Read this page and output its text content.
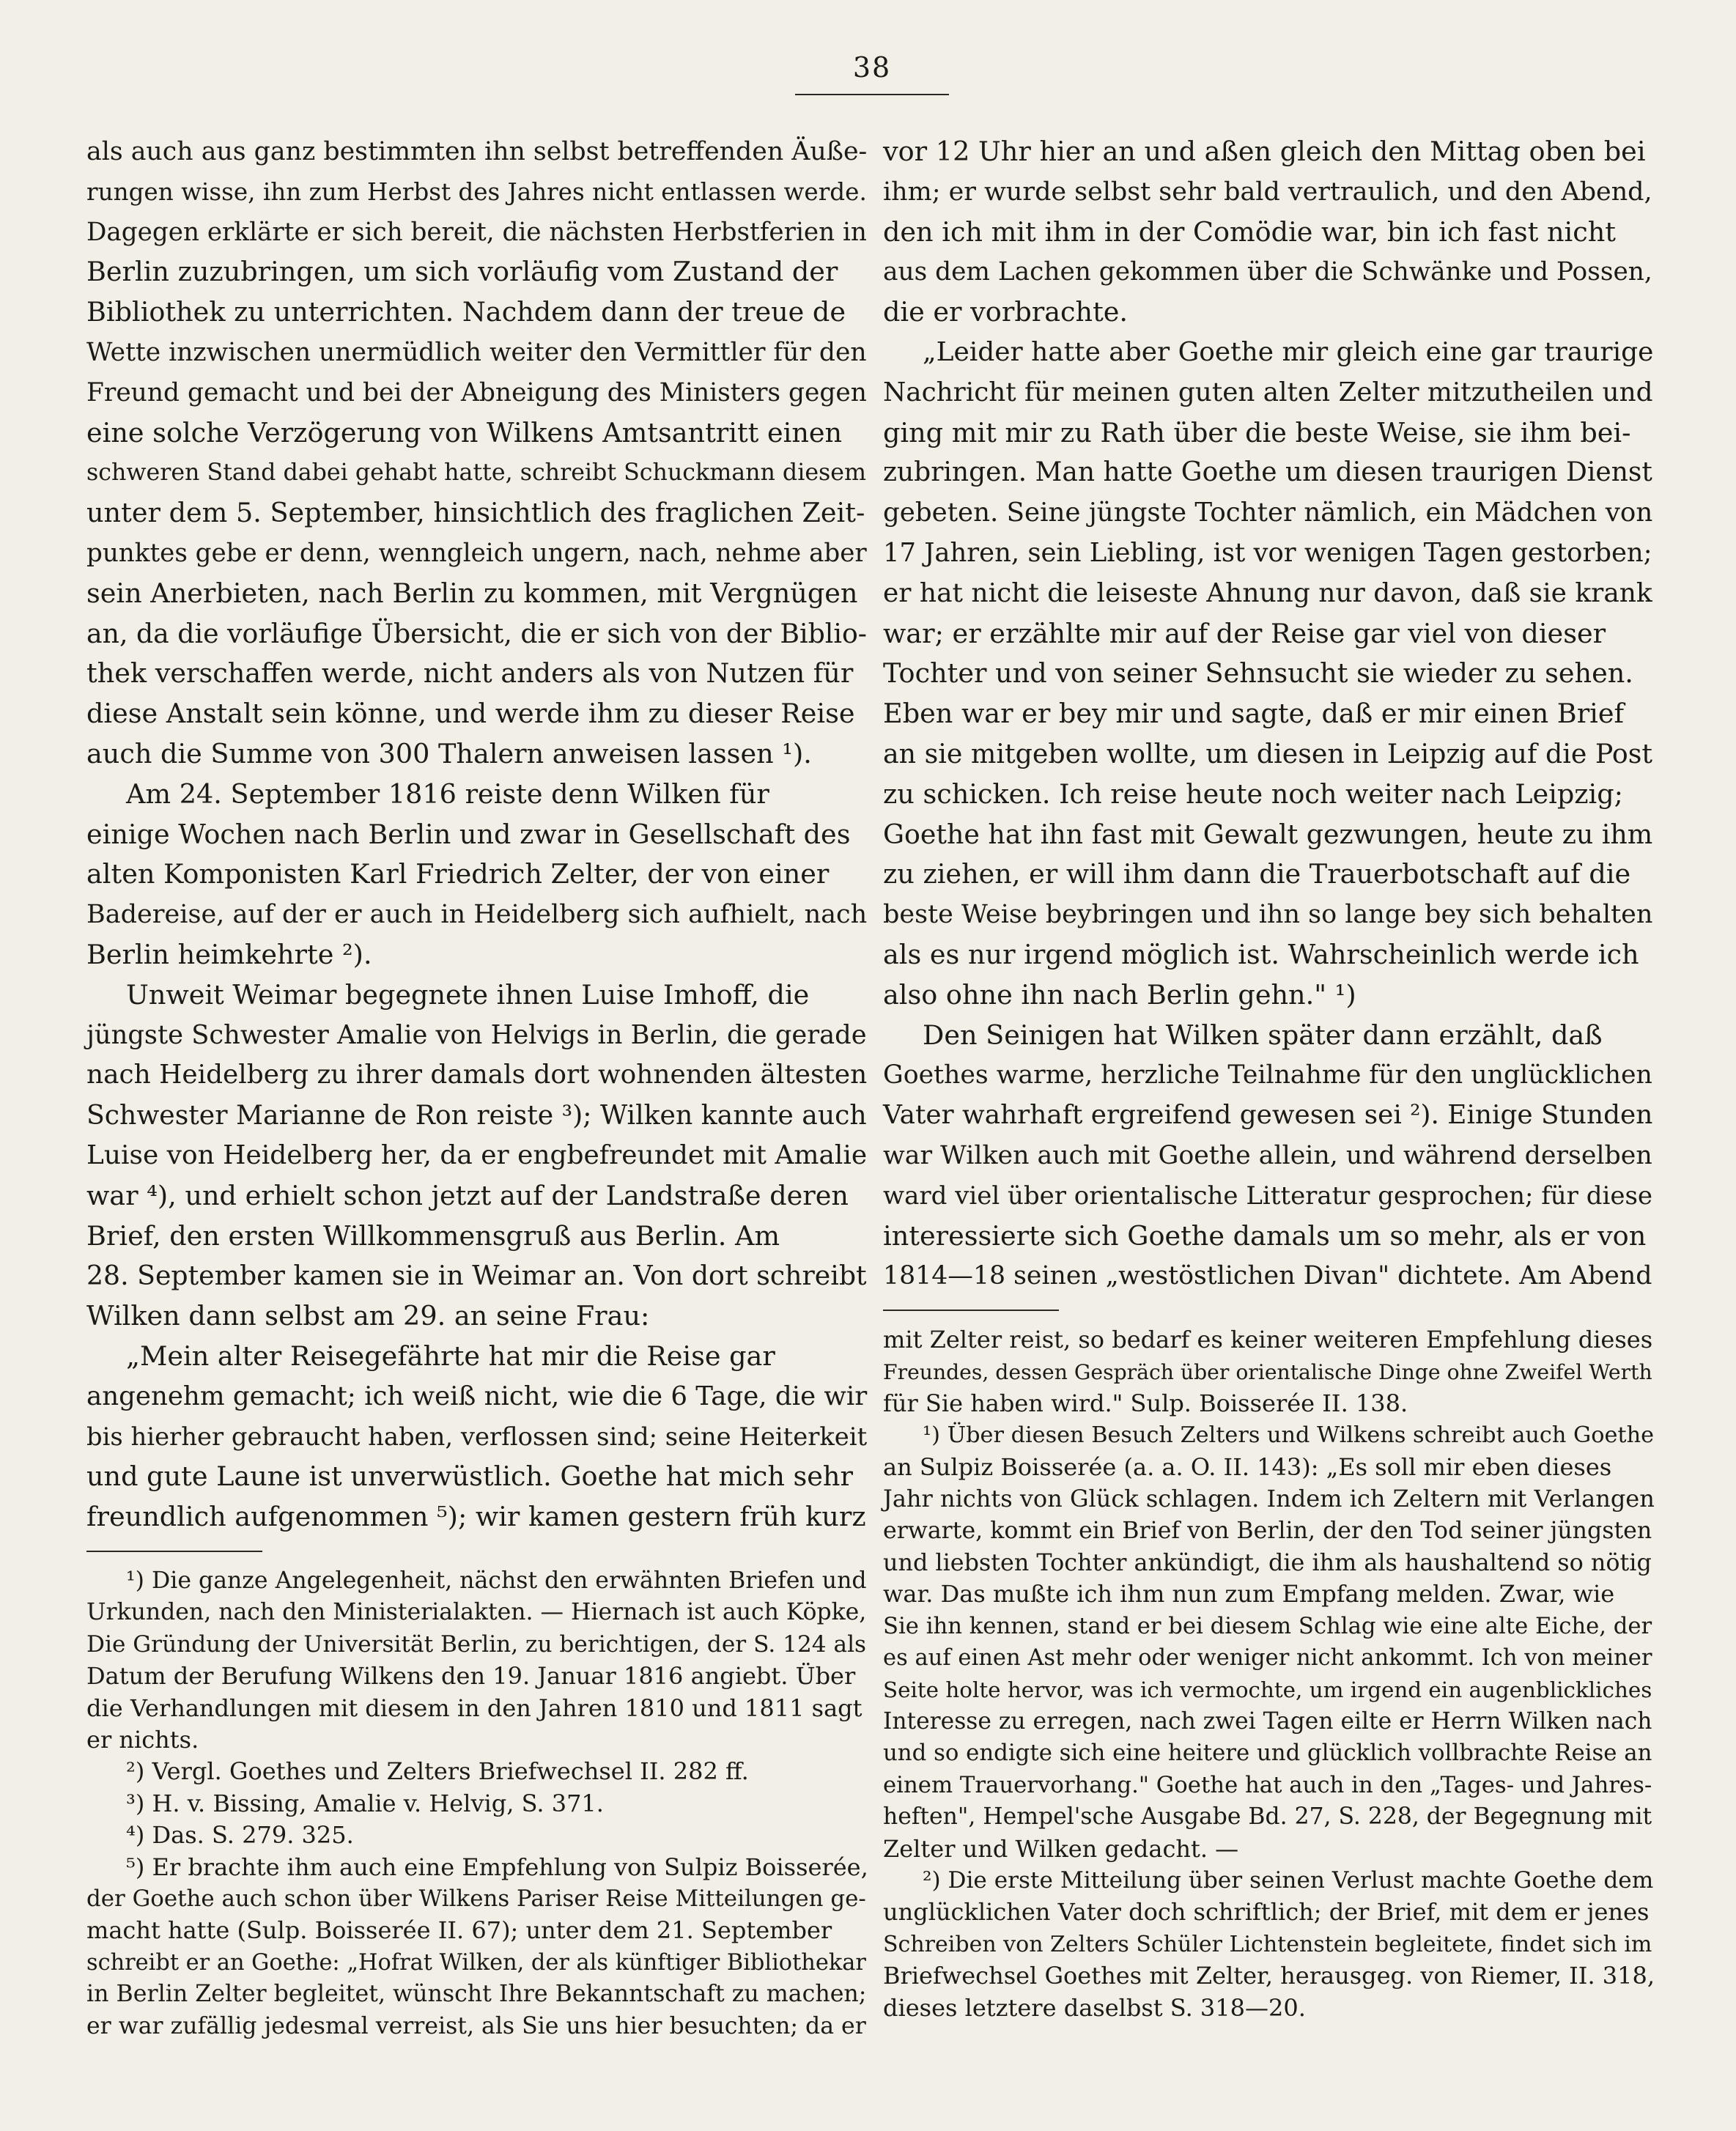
38
als auch aus ganz bestimmten ihn selbst betreffenden Äuße-
rungen wisse, ihn zum Herbst des Jahres nicht entlassen werde.
Dagegen erklärte er sich bereit, die nächsten Herbstferien in
Berlin zuzubringen, um sich vorläufig vom Zustand der
Bibliothek zu unterrichten. Nachdem dann der treue de
Wette inzwischen unermüdlich weiter den Vermittler für den
Freund gemacht und bei der Abneigung des Ministers gegen
eine solche Verzögerung von Wilkens Amtsantritt einen
schweren Stand dabei gehabt hatte, schreibt Schuckmann diesem
unter dem 5. September, hinsichtlich des fraglichen Zeit-
punktes gebe er denn, wenngleich ungern, nach, nehme aber
sein Anerbieten, nach Berlin zu kommen, mit Vergnügen
an, da die vorläufige Übersicht, die er sich von der Biblio-
thek verschaffen werde, nicht anders als von Nutzen für
diese Anstalt sein könne, und werde ihm zu dieser Reise
auch die Summe von 300 Thalern anweisen lassen ¹).
Am 24. September 1816 reiste denn Wilken für
einige Wochen nach Berlin und zwar in Gesellschaft des
alten Komponisten Karl Friedrich Zelter, der von einer
Badereise, auf der er auch in Heidelberg sich aufhielt, nach
Berlin heimkehrte ²).
Unweit Weimar begegnete ihnen Luise Imhoff, die
jüngste Schwester Amalie von Helvigs in Berlin, die gerade
nach Heidelberg zu ihrer damals dort wohnenden ältesten
Schwester Marianne de Ron reiste ³); Wilken kannte auch
Luise von Heidelberg her, da er engbefreundet mit Amalie
war ⁴), und erhielt schon jetzt auf der Landstraße deren
Brief, den ersten Willkommensgruß aus Berlin. Am
28. September kamen sie in Weimar an. Von dort schreibt
Wilken dann selbst am 29. an seine Frau:
„Mein alter Reisegefährte hat mir die Reise gar
angenehm gemacht; ich weiß nicht, wie die 6 Tage, die wir
bis hierher gebraucht haben, verflossen sind; seine Heiterkeit
und gute Laune ist unverwüstlich. Goethe hat mich sehr
freundlich aufgenommen ⁵); wir kamen gestern früh kurz
¹) Die ganze Angelegenheit, nächst den erwähnten Briefen und
Urkunden, nach den Ministerialakten. — Hiernach ist auch Köpke,
Die Gründung der Universität Berlin, zu berichtigen, der S. 124 als
Datum der Berufung Wilkens den 19. Januar 1816 angiebt. Über
die Verhandlungen mit diesem in den Jahren 1810 und 1811 sagt
er nichts.
²) Vergl. Goethes und Zelters Briefwechsel II. 282 ff.
³) H. v. Bissing, Amalie v. Helvig, S. 371.
⁴) Das. S. 279. 325.
⁵) Er brachte ihm auch eine Empfehlung von Sulpiz Boisserée,
der Goethe auch schon über Wilkens Pariser Reise Mitteilungen ge-
macht hatte (Sulp. Boisserée II. 67); unter dem 21. September
schreibt er an Goethe: „Hofrat Wilken, der als künftiger Bibliothekar
in Berlin Zelter begleitet, wünscht Ihre Bekanntschaft zu machen;
er war zufällig jedesmal verreist, als Sie uns hier besuchten; da er
vor 12 Uhr hier an und aßen gleich den Mittag oben bei
ihm; er wurde selbst sehr bald vertraulich, und den Abend,
den ich mit ihm in der Comödie war, bin ich fast nicht
aus dem Lachen gekommen über die Schwänke und Possen,
die er vorbrachte.
„Leider hatte aber Goethe mir gleich eine gar traurige
Nachricht für meinen guten alten Zelter mitzutheilen und
ging mit mir zu Rath über die beste Weise, sie ihm bei-
zubringen. Man hatte Goethe um diesen traurigen Dienst
gebeten. Seine jüngste Tochter nämlich, ein Mädchen von
17 Jahren, sein Liebling, ist vor wenigen Tagen gestorben;
er hat nicht die leiseste Ahnung nur davon, daß sie krank
war; er erzählte mir auf der Reise gar viel von dieser
Tochter und von seiner Sehnsucht sie wieder zu sehen.
Eben war er bey mir und sagte, daß er mir einen Brief
an sie mitgeben wollte, um diesen in Leipzig auf die Post
zu schicken. Ich reise heute noch weiter nach Leipzig;
Goethe hat ihn fast mit Gewalt gezwungen, heute zu ihm
zu ziehen, er will ihm dann die Trauerbotschaft auf die
beste Weise beybringen und ihn so lange bey sich behalten
als es nur irgend möglich ist. Wahrscheinlich werde ich
also ohne ihn nach Berlin gehn." ¹)
Den Seinigen hat Wilken später dann erzählt, daß
Goethes warme, herzliche Teilnahme für den unglücklichen
Vater wahrhaft ergreifend gewesen sei ²). Einige Stunden
war Wilken auch mit Goethe allein, und während derselben
ward viel über orientalische Litteratur gesprochen; für diese
interessierte sich Goethe damals um so mehr, als er von
1814—18 seinen „westöstlichen Divan" dichtete. Am Abend
mit Zelter reist, so bedarf es keiner weiteren Empfehlung dieses
Freundes, dessen Gespräch über orientalische Dinge ohne Zweifel Werth
für Sie haben wird." Sulp. Boisserée II. 138.
¹) Über diesen Besuch Zelters und Wilkens schreibt auch Goethe
an Sulpiz Boisserée (a. a. O. II. 143): „Es soll mir eben dieses
Jahr nichts von Glück schlagen. Indem ich Zeltern mit Verlangen
erwarte, kommt ein Brief von Berlin, der den Tod seiner jüngsten
und liebsten Tochter ankündigt, die ihm als haushaltend so nötig
war. Das mußte ich ihm nun zum Empfang melden. Zwar, wie
Sie ihn kennen, stand er bei diesem Schlag wie eine alte Eiche, der
es auf einen Ast mehr oder weniger nicht ankommt. Ich von meiner
Seite holte hervor, was ich vermochte, um irgend ein augenblickliches
Interesse zu erregen, nach zwei Tagen eilte er Herrn Wilken nach
und so endigte sich eine heitere und glücklich vollbrachte Reise an
einem Trauervorhang." Goethe hat auch in den „Tages- und Jahres-
heften", Hempel'sche Ausgabe Bd. 27, S. 228, der Begegnung mit
Zelter und Wilken gedacht. —
²) Die erste Mitteilung über seinen Verlust machte Goethe dem
unglücklichen Vater doch schriftlich; der Brief, mit dem er jenes
Schreiben von Zelters Schüler Lichtenstein begleitete, findet sich im
Briefwechsel Goethes mit Zelter, herausgeg. von Riemer, II. 318,
dieses letztere daselbst S. 318—20.
